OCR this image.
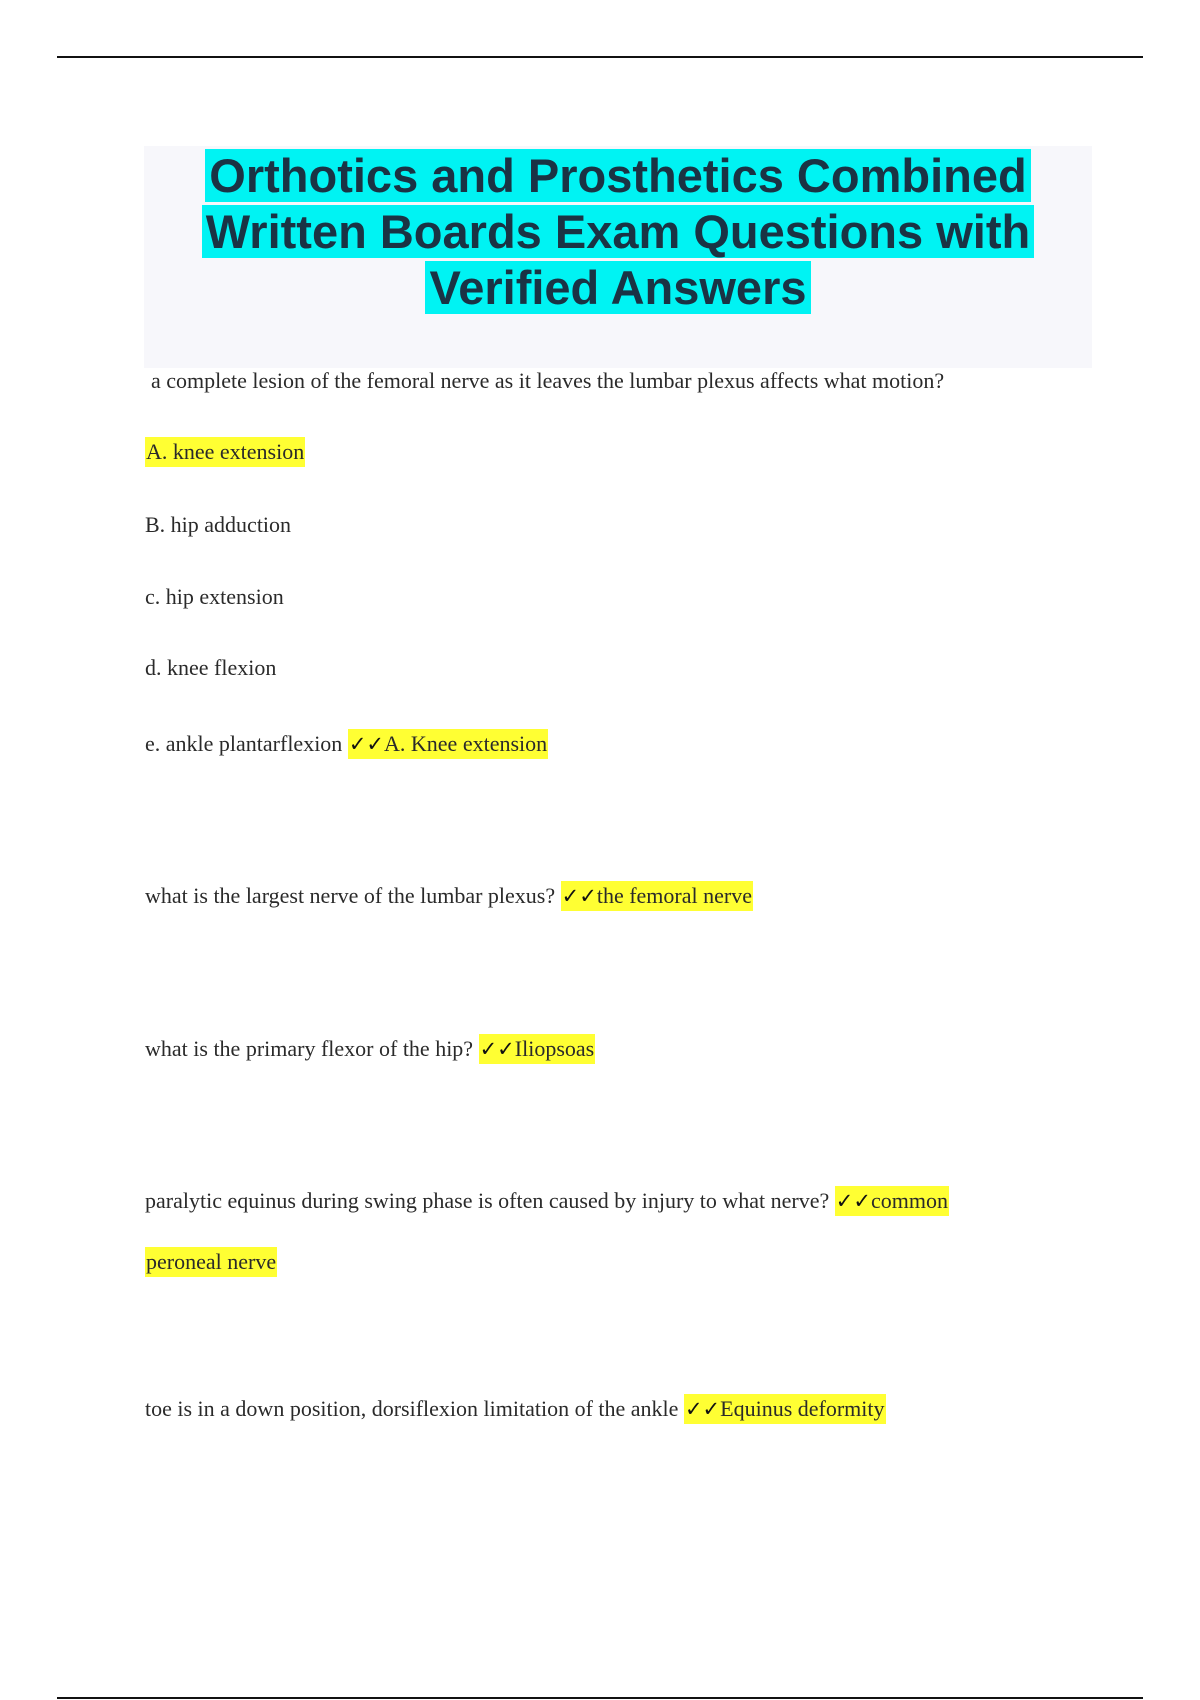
Orthotics and Prosthetics Combined
Written Boards Exam Questions with
Verified Answers
a complete lesion of the femoral nerve as it leaves the lumbar plexus affects what motion?
A. knee extension
B. hip adduction
c. hip extension
d. knee flexion
e. ankle plantarflexion ✓✓A. Knee extension
what is the largest nerve of the lumbar plexus? ✓✓the femoral nerve
what is the primary flexor of the hip? ✓✓Iliopsoas
paralytic equinus during swing phase is often caused by injury to what nerve? ✓✓common
peroneal nerve
toe is in a down position, dorsiflexion limitation of the ankle ✓✓Equinus deformity
